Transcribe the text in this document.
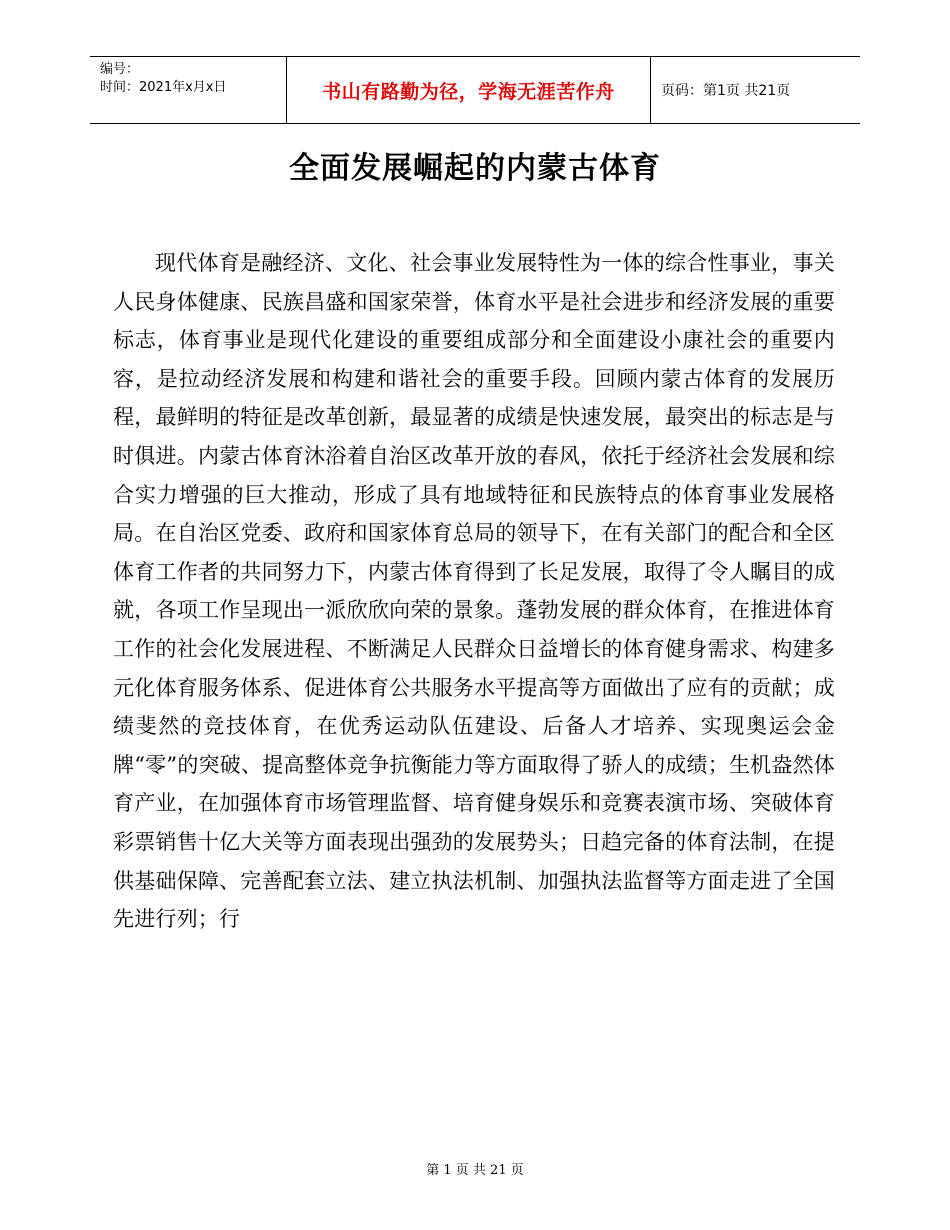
编号：
时间：2021年x月x日	书山有路勤为径，学海无涯苦作舟	页码：第1页 共21页
全面发展崛起的内蒙古体育

现代体育是融经济、文化、社会事业发展特性为一体的综合性事业，事关人民身体健康、民族昌盛和国家荣誉，体育水平是社会进步和经济发展的重要标志，体育事业是现代化建设的重要组成部分和全面建设小康社会的重要内容，是拉动经济发展和构建和谐社会的重要手段。回顾内蒙古体育的发展历程，最鲜明的特征是改革创新，最显著的成绩是快速发展，最突出的标志是与时俱进。内蒙古体育沐浴着自治区改革开放的春风，依托于经济社会发展和综合实力增强的巨大推动，形成了具有地域特征和民族特点的体育事业发展格局。在自治区党委、政府和国家体育总局的领导下，在有关部门的配合和全区体育工作者的共同努力下，内蒙古体育得到了长足发展，取得了令人瞩目的成就，各项工作呈现出一派欣欣向荣的景象。蓬勃发展的群众体育，在推进体育工作的社会化发展进程、不断满足人民群众日益增长的体育健身需求、构建多元化体育服务体系、促进体育公共服务水平提高等方面做出了应有的贡献；成绩斐然的竞技体育，在优秀运动队伍建设、后备人才培养、实现奥运会金牌“零”的突破、提高整体竞争抗衡能力等方面取得了骄人的成绩；生机盎然体育产业，在加强体育市场管理监督、培育健身娱乐和竞赛表演市场、突破体育彩票销售十亿大关等方面表现出强劲的发展势头；日趋完备的体育法制，在提供基础保障、完善配套立法、建立执法机制、加强执法监督等方面走进了全国先进行列；行

第 1 页 共 21 页
